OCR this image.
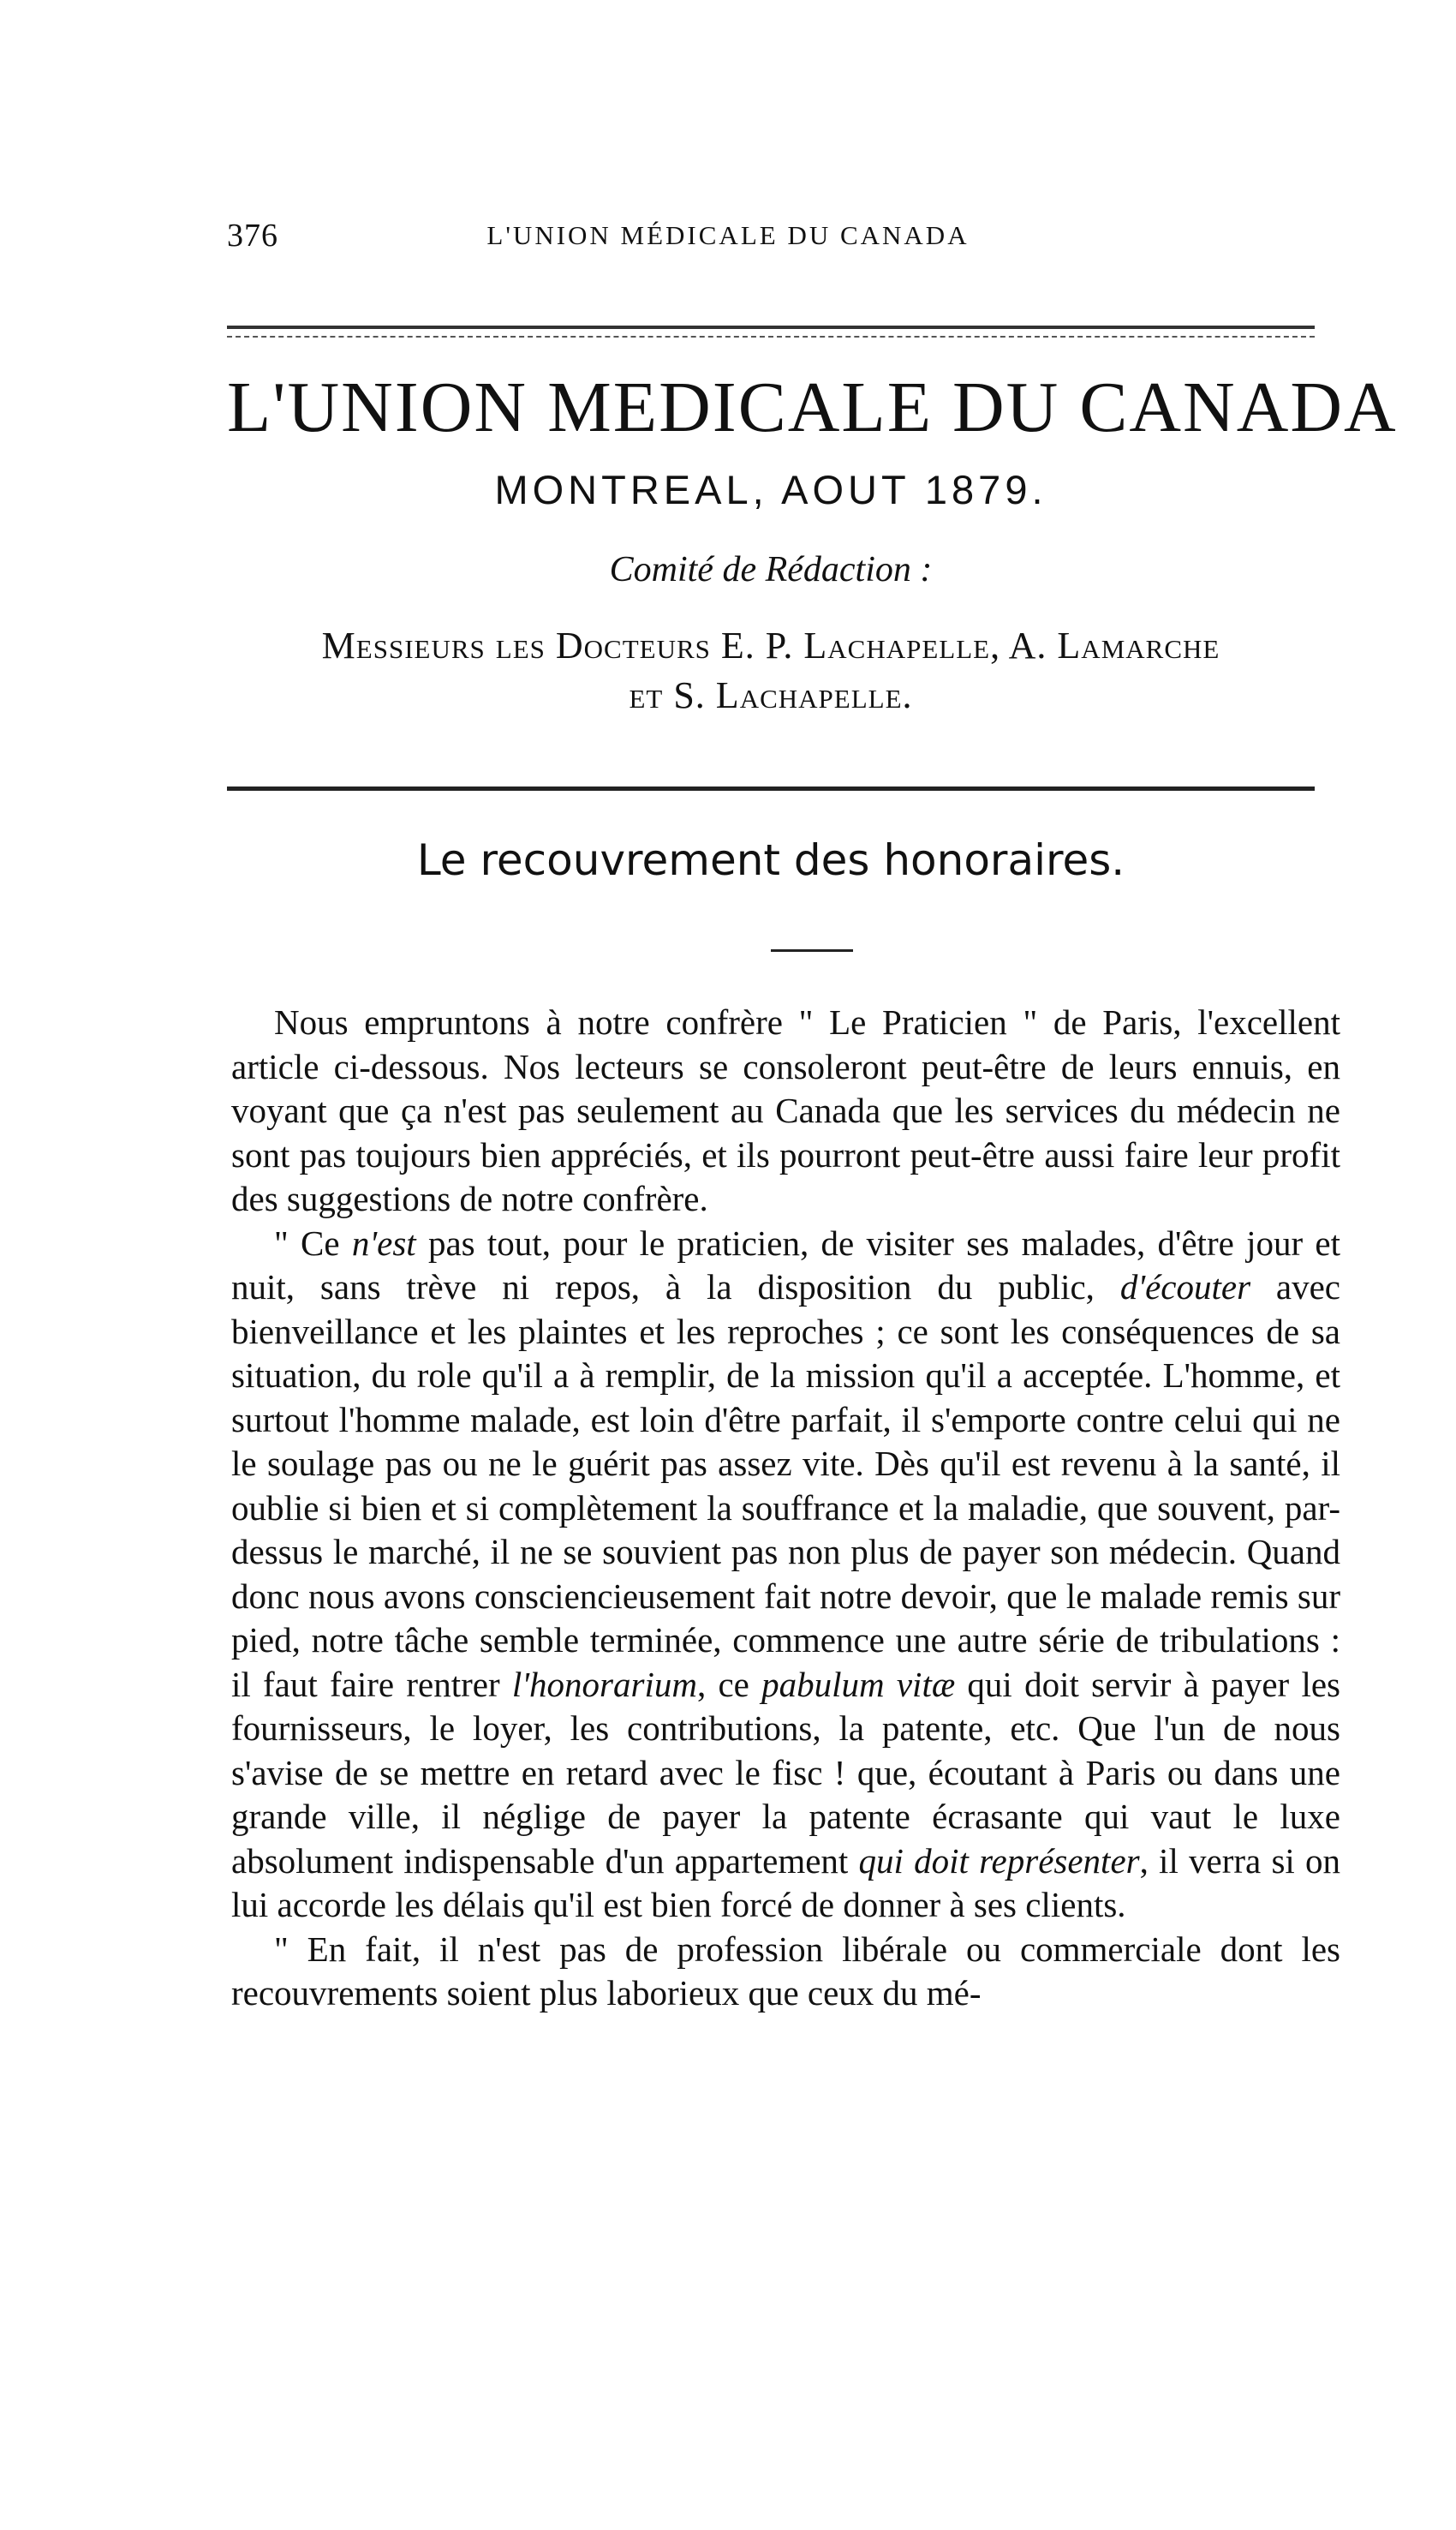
376	L'UNION MÉDICALE DU CANADA
L'UNION MEDICALE DU CANADA
MONTREAL, AOUT 1879.
Comité de Rédaction :
Messieurs les Docteurs E. P. Lachapelle, A. Lamarche
et S. Lachapelle.
Le recouvrement des honoraires.

Nous empruntons à notre confrère " Le Praticien " de Paris, l'excellent article ci-dessous. Nos lecteurs se consoleront peut-être de leurs ennuis, en voyant que ça n'est pas seulement au Canada que les services du médecin ne sont pas toujours bien appréciés, et ils pourront peut-être aussi faire leur profit des suggestions de notre confrère.

" Ce n'est pas tout, pour le praticien, de visiter ses malades, d'être jour et nuit, sans trève ni repos, à la disposition du public, d'écouter avec bienveillance et les plaintes et les reproches ; ce sont les conséquences de sa situation, du role qu'il a à remplir, de la mission qu'il a acceptée. L'homme, et surtout l'homme malade, est loin d'être parfait, il s'emporte contre celui qui ne le soulage pas ou ne le guérit pas assez vite. Dès qu'il est revenu à la santé, il oublie si bien et si complètement la souffrance et la maladie, que souvent, par-dessus le marché, il ne se souvient pas non plus de payer son médecin. Quand donc nous avons consciencieusement fait notre devoir, que le malade remis sur pied, notre tâche semble terminée, commence une autre série de tribulations : il faut faire rentrer l'honorarium, ce pabulum vitæ qui doit servir à payer les fournisseurs, le loyer, les contributions, la patente, etc. Que l'un de nous s'avise de se mettre en retard avec le fisc ! que, écoutant à Paris ou dans une grande ville, il néglige de payer la patente écrasante qui vaut le luxe absolument indispensable d'un appartement qui doit représenter, il verra si on lui accorde les délais qu'il est bien forcé de donner à ses clients.

" En fait, il n'est pas de profession libérale ou commerciale dont les recouvrements soient plus laborieux que ceux du mé-
